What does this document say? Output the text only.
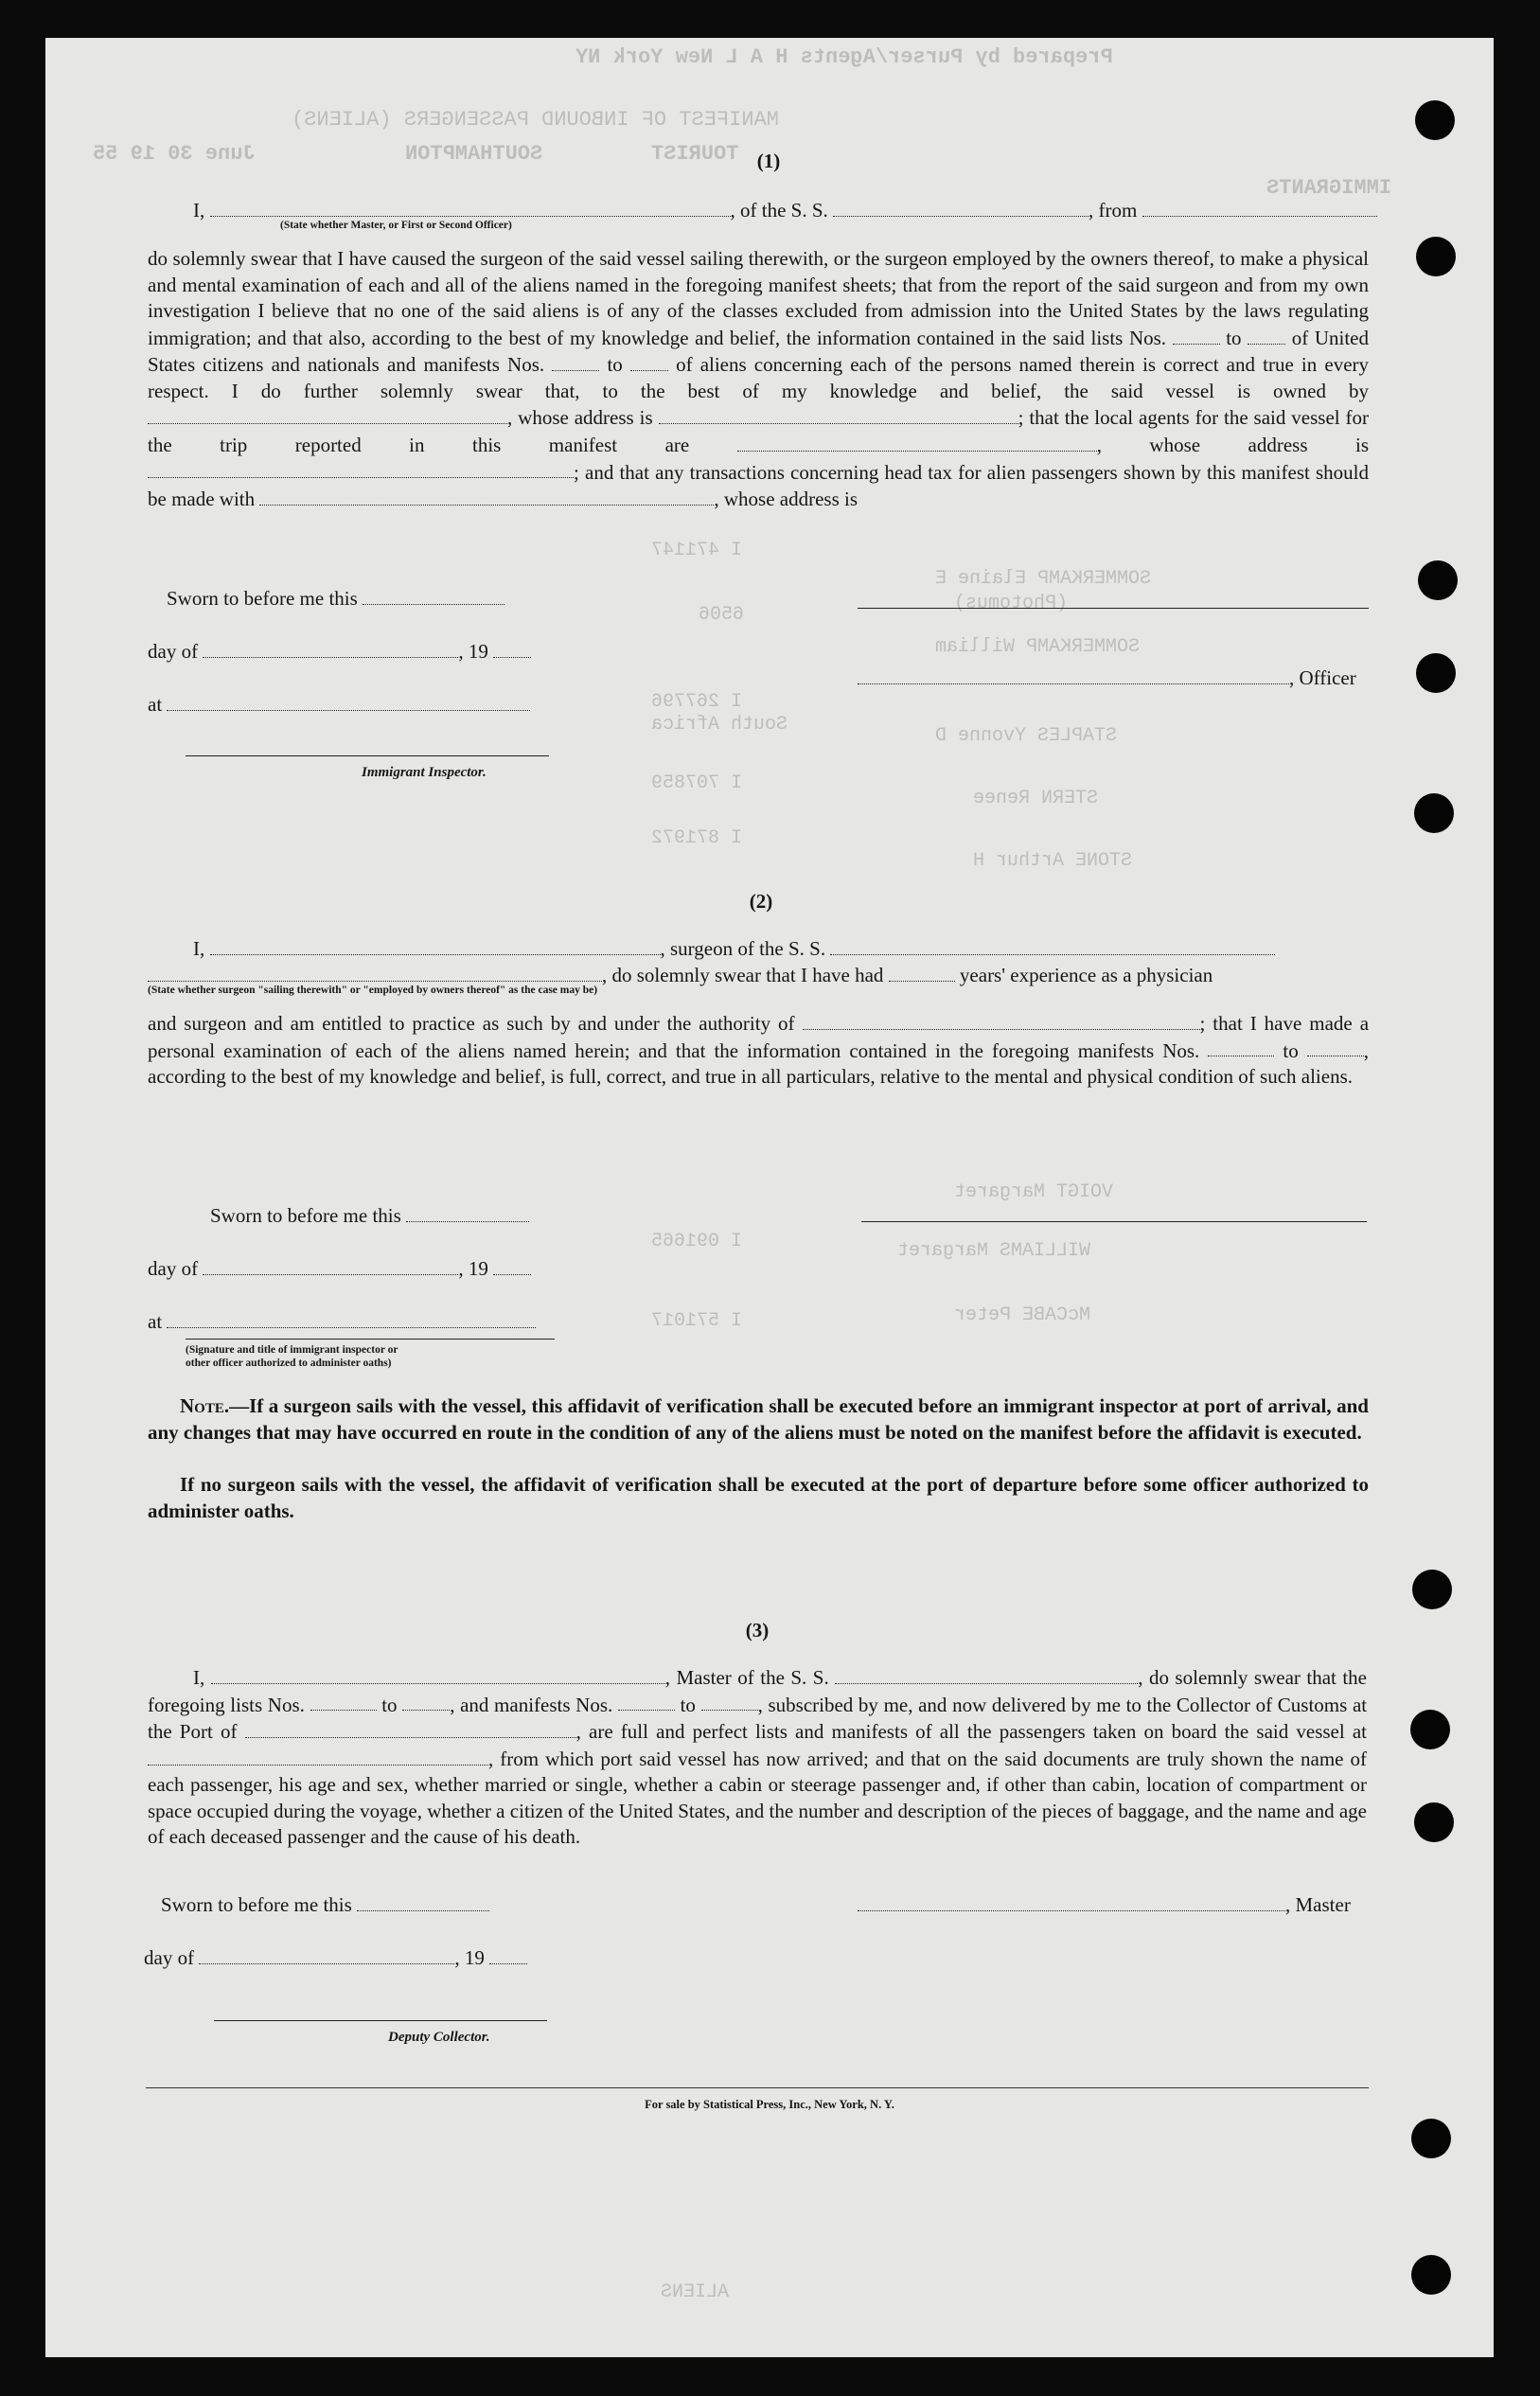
Prepared by Purser/Agents H A L New York NY
MANIFEST OF INBOUND PASSENGERS (ALIENS)
TOURIST
SOUTHAMPTON
June 30 19 55
IMMIGRANTS
SOMMERKAMP Elaine E
(Photomus)
SOMMERKAMP William
STAPLES Yvonne D
STERN Renee
STONE Arthur H
VOIGT Margaret
WILLIAMS Margaret
McCABE Peter
I 471147
6506
I 267796
South Africa
I 707859
I 871972
I 091665
I 571017
ALIENS
(1)
I,	, of the S. S.	, from
(State whether Master, or First or Second Officer)
do solemnly swear that I have caused the surgeon of the said vessel sailing therewith, or the surgeon employed by the owners thereof, to make a physical and mental examination of each and all of the aliens named in the foregoing manifest sheets; that from the report of the said surgeon and from my own investigation I believe that no one of the said aliens is of any of the classes excluded from admission into the United States by the laws regulating immigration; and that also, according to the best of my knowledge and belief, the information contained in the said lists Nos.	to	of United States citizens and nationals and manifests Nos.	to	of aliens concerning each of the persons named therein is correct and true in every respect. I do further solemnly swear that, to the best of my knowledge and belief, the said vessel is owned by , whose address is	; that the local agents for the said vessel for the trip reported in this manifest are	, whose address is ; and that any transactions concerning head tax for alien passengers shown by this manifest should be made with	, whose address is
Sworn to before me this
day of	, 19
, Officer
at
Immigrant Inspector.
(2)
I,	, surgeon of the S. S.
, do solemnly swear that I have had	years' experience as a physician
(State whether surgeon "sailing therewith" or "employed by owners thereof" as the case may be)
and surgeon and am entitled to practice as such by and under the authority of	; that I have made a personal examination of each of the aliens named herein; and that the information contained in the foregoing manifests Nos.	to	, according to the best of my knowledge and belief, is full, correct, and true in all particulars, relative to the mental and physical condition of such aliens.
Sworn to before me this
day of	, 19
at
(Signature and title of immigrant inspector or
other officer authorized to administer oaths)
Note.—If a surgeon sails with the vessel, this affidavit of verification shall be executed before an immigrant inspector at port of arrival, and any changes that may have occurred en route in the condition of any of the aliens must be noted on the manifest before the affidavit is executed.
If no surgeon sails with the vessel, the affidavit of verification shall be executed at the port of departure before some officer authorized to administer oaths.
(3)
I,	, Master of the S. S.	, do solemnly swear that the foregoing lists Nos.	to	, and manifests Nos.	to	, subscribed by me, and now delivered by me to the Collector of Customs at the Port of	, are full and perfect lists and manifests of all the passengers taken on board the said vessel at , from which port said vessel has now arrived; and that on the said documents are truly shown the name of each passenger, his age and sex, whether married or single, whether a cabin or steerage passenger and, if other than cabin, location of compartment or space occupied during the voyage, whether a citizen of the United States, and the number and description of the pieces of baggage, and the name and age of each deceased passenger and the cause of his death.
Sworn to before me this	, Master
day of	, 19
Deputy Collector.
For sale by Statistical Press, Inc., New York, N. Y.
